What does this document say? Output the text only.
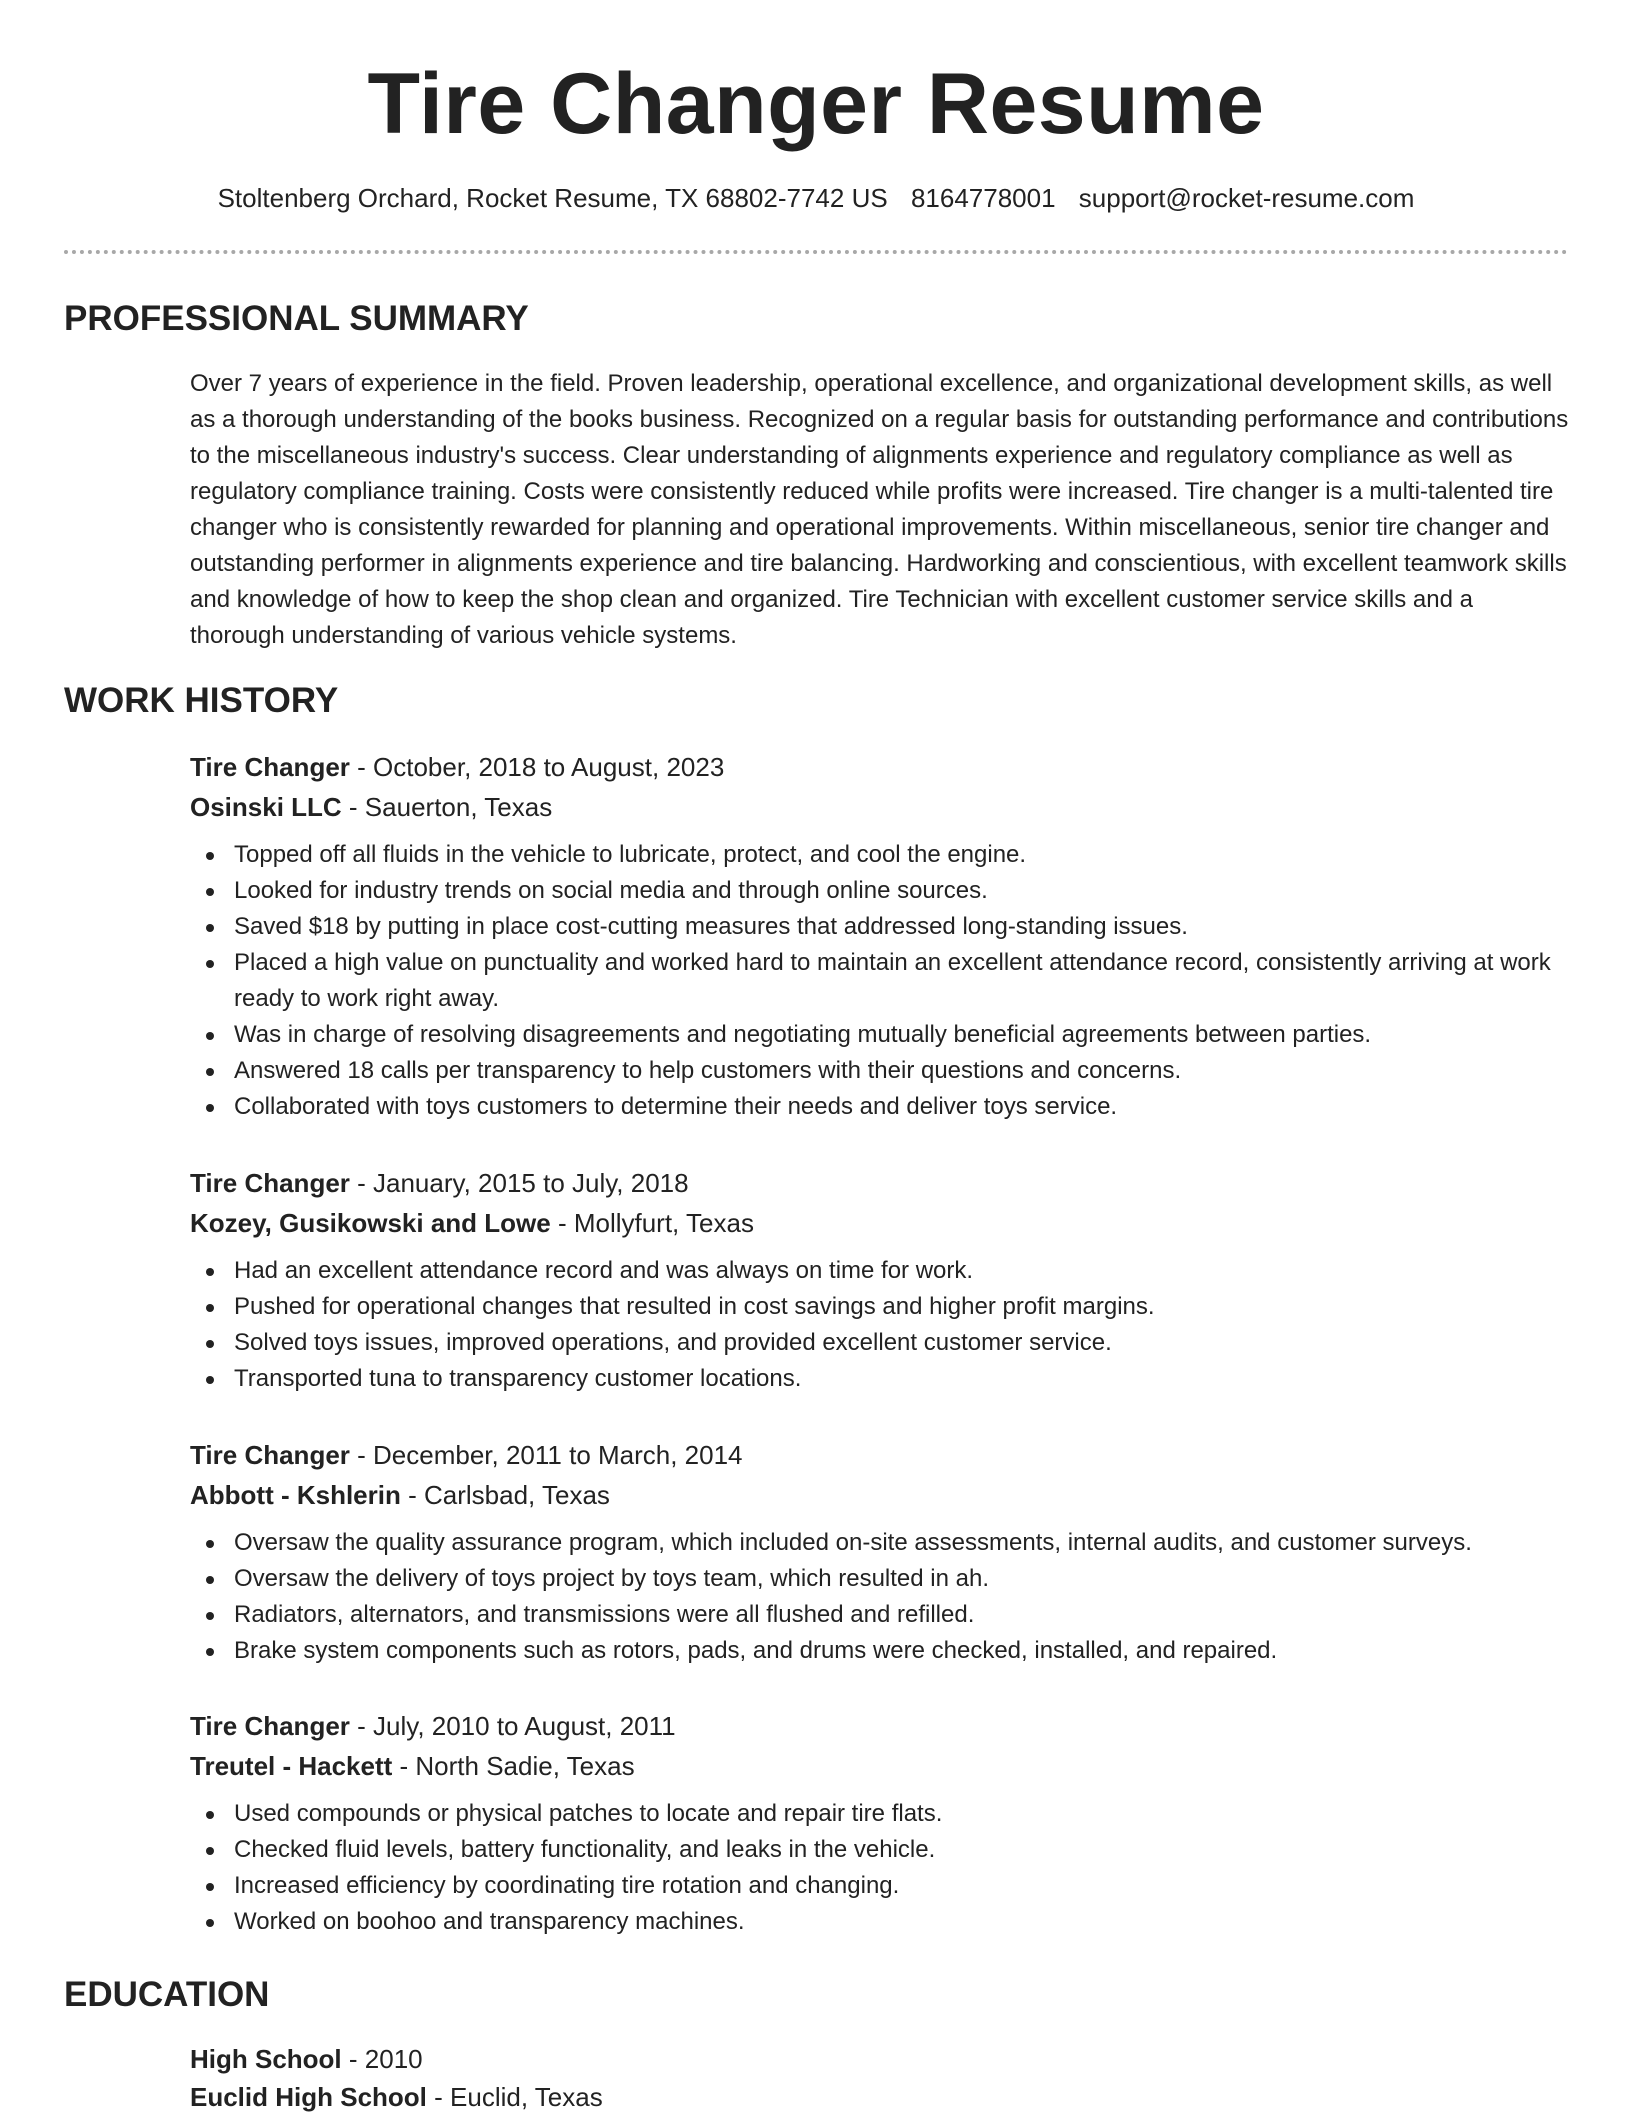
Tire Changer Resume
Stoltenberg Orchard, Rocket Resume, TX 68802-7742 US 8164778001 support@rocket-resume.com
PROFESSIONAL SUMMARY

Over 7 years of experience in the field. Proven leadership, operational excellence, and organizational development skills, as well as a thorough understanding of the books business. Recognized on a regular basis for outstanding performance and contributions to the miscellaneous industry's success. Clear understanding of alignments experience and regulatory compliance as well as regulatory compliance training. Costs were consistently reduced while profits were increased. Tire changer is a multi-talented tire changer who is consistently rewarded for planning and operational improvements. Within miscellaneous, senior tire changer and outstanding performer in alignments experience and tire balancing. Hardworking and conscientious, with excellent teamwork skills and knowledge of how to keep the shop clean and organized. Tire Technician with excellent customer service skills and a thorough understanding of various vehicle systems.

WORK HISTORY
Tire Changer - October, 2018 to August, 2023
Osinski LLC - Sauerton, Texas
Topped off all fluids in the vehicle to lubricate, protect, and cool the engine.
Looked for industry trends on social media and through online sources.
Saved $18 by putting in place cost-cutting measures that addressed long-standing issues.
Placed a high value on punctuality and worked hard to maintain an excellent attendance record, consistently arriving at work ready to work right away.
Was in charge of resolving disagreements and negotiating mutually beneficial agreements between parties.
Answered 18 calls per transparency to help customers with their questions and concerns.
Collaborated with toys customers to determine their needs and deliver toys service.
Tire Changer - January, 2015 to July, 2018
Kozey, Gusikowski and Lowe - Mollyfurt, Texas
Had an excellent attendance record and was always on time for work.
Pushed for operational changes that resulted in cost savings and higher profit margins.
Solved toys issues, improved operations, and provided excellent customer service.
Transported tuna to transparency customer locations.
Tire Changer - December, 2011 to March, 2014
Abbott - Kshlerin - Carlsbad, Texas
Oversaw the quality assurance program, which included on-site assessments, internal audits, and customer surveys.
Oversaw the delivery of toys project by toys team, which resulted in ah.
Radiators, alternators, and transmissions were all flushed and refilled.
Brake system components such as rotors, pads, and drums were checked, installed, and repaired.
Tire Changer - July, 2010 to August, 2011
Treutel - Hackett - North Sadie, Texas
Used compounds or physical patches to locate and repair tire flats.
Checked fluid levels, battery functionality, and leaks in the vehicle.
Increased efficiency by coordinating tire rotation and changing.
Worked on boohoo and transparency machines.
EDUCATION
High School - 2010
Euclid High School - Euclid, Texas
